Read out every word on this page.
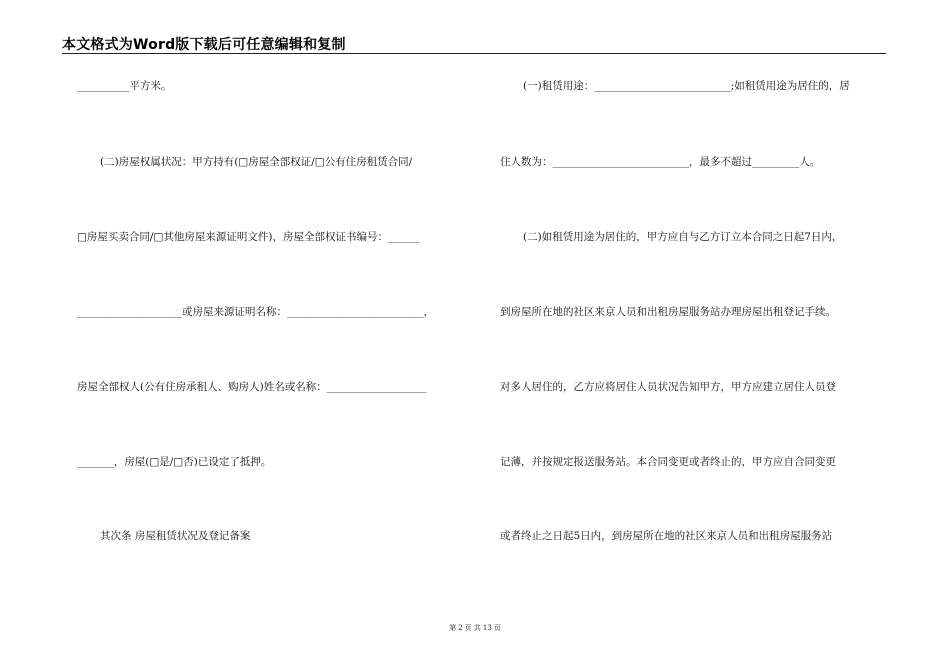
本文格式为Word版下载后可任意编辑和复制
__________平方米。
(二)房屋权属状况：甲方持有(□房屋全部权证/□公有住房租赁合同/
□房屋买卖合同/□其他房屋来源证明文件)，房屋全部权证书编号：______
____________________或房屋来源证明名称：__________________________，
房屋全部权人(公有住房承租人、购房人)姓名或名称：___________________
_______，房屋(□是/□否)已设定了抵押。
其次条 房屋租赁状况及登记备案
(一)租赁用途：__________________________;如租赁用途为居住的，居
住人数为：__________________________，最多不超过_________人。
(二)如租赁用途为居住的，甲方应自与乙方订立本合同之日起7日内，
到房屋所在地的社区来京人员和出租房屋服务站办理房屋出租登记手续。
对多人居住的，乙方应将居住人员状况告知甲方，甲方应建立居住人员登
记薄，并按规定报送服务站。本合同变更或者终止的，甲方应自合同变更
或者终止之日起5日内，到房屋所在地的社区来京人员和出租房屋服务站
第 2 页 共 13 页
